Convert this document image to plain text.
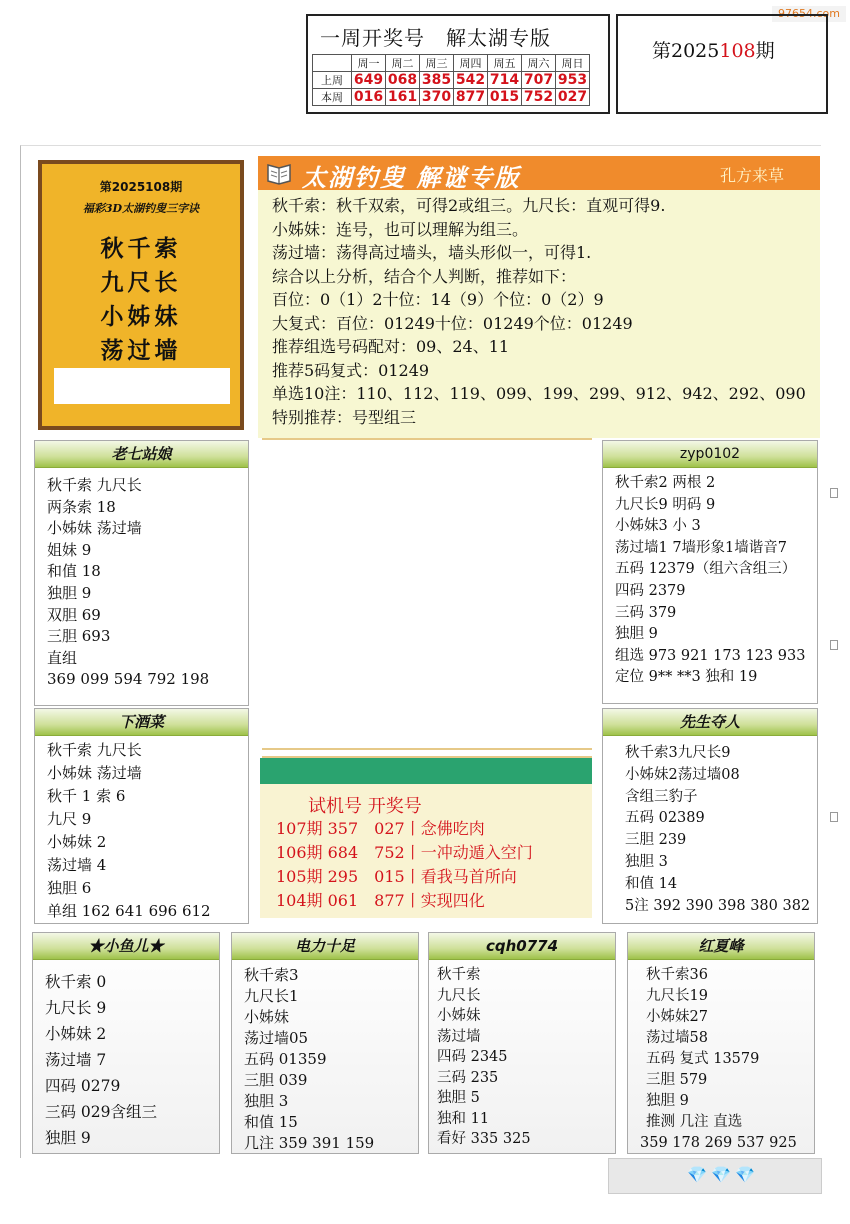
97654.com
一周开奖号　解太湖专版
	周一	周二	周三	周四	周五	周六	周日
上周	649	068	385	542	714	707	953
本周	016	161	370	877	015	752	027
第2025108期
第2025108期
福彩3D太湖钓叟三字诀
秋千索
九尺长
小姊妹
荡过墙
太湖钓叟 解谜专版	孔方来草
秋千索：秋千双索，可得2或组三。九尺长：直观可得9.
小姊妹：连号，也可以理解为组三。
荡过墙：荡得高过墙头，墙头形似一，可得1.
综合以上分析，结合个人判断，推荐如下：
百位：0（1）2十位：14（9）个位：0（2）9
大复式：百位：01249十位：01249个位：01249
推荐组选号码配对：09、24、11
推荐5码复式：01249
单选10注：110、112、119、099、199、299、912、942、292、090
特别推荐：号型组三
老七站娘
秋千索 九尺长
两条索 18
小姊妹 荡过墙
姐妹 9
和值 18
独胆 9
双胆 69
三胆 693
直组
369 099 594 792 198
zyp0102
秋千索2 两根 2
九尺长9 明码 9
小姊妹3 小 3
荡过墙1 7墙形象1墙谐音7
五码 12379（组六含组三）
四码 2379
三码 379
独胆 9
组选 973 921 173 123 933
定位 9** **3 独和 19
下酒菜
秋千索 九尺长
小姊妹 荡过墙
秋千 1 索 6
九尺 9
小姊妹 2
荡过墙 4
独胆 6
单组 162 641 696 612
试机号 开奖号
107期 357　027丨念佛吃肉
106期 684　752丨一冲动遁入空门
105期 295　015丨看我马首所向
104期 061　877丨实现四化
先生夺人
秋千索3九尺长9
小姊妹2荡过墙08
含组三豹子
五码 02389
三胆 239
独胆 3
和值 14
5注 392 390 398 380 382
★小鱼儿★
秋千索 0
九尺长 9
小姊妹 2
荡过墙 7
四码 0279
三码 029含组三
独胆 9
电力十足
秋千索3
九尺长1
小姊妹
荡过墙05
五码 01359
三胆 039
独胆 3
和值 15
几注 359 391 159
cqh0774
秋千索
九尺长
小姊妹
荡过墙
四码 2345
三码 235
独胆 5
独和 11
看好 335 325
红夏峰
秋千索36
九尺长19
小姊妹27
荡过墙58
五码 复式 13579
三胆 579
独胆 9
推测 几注 直选
359 178 269 537 925
💎 💎 💎
